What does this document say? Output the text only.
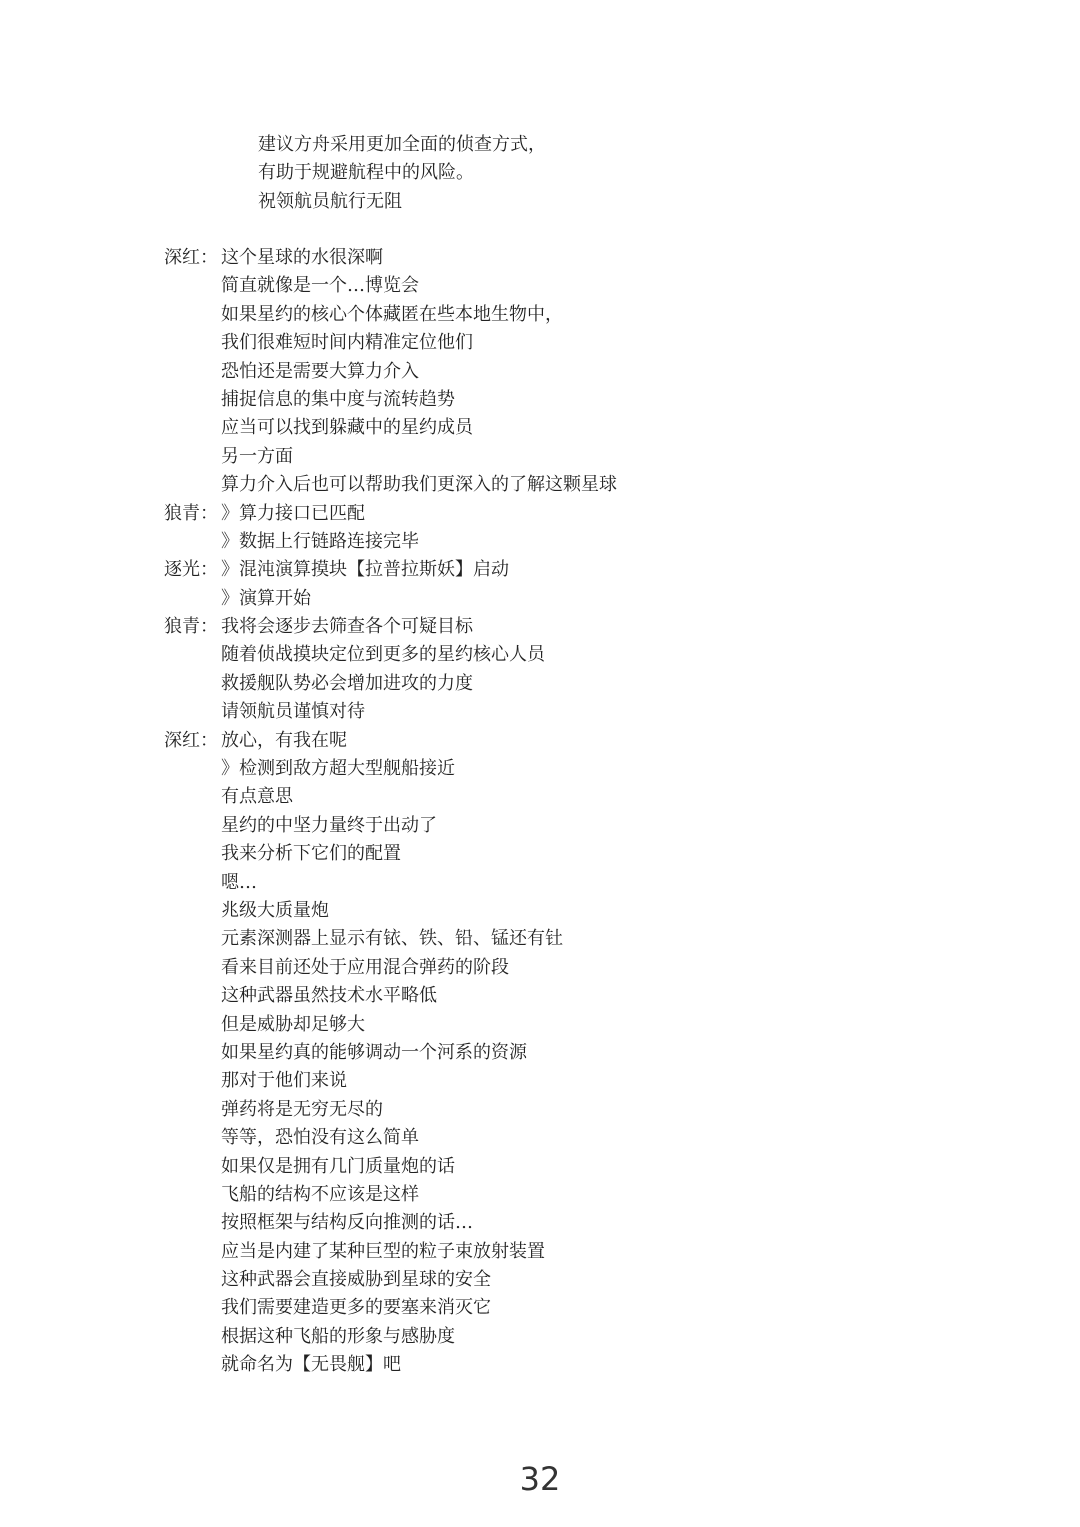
建议方舟采用更加全面的侦查方式，
有助于规避航程中的风险。
祝领航员航行无阻
深红： 这个星球的水很深啊
简直就像是一个…博览会
如果星约的核心个体藏匿在些本地生物中，
我们很难短时间内精准定位他们
恐怕还是需要大算力介入
捕捉信息的集中度与流转趋势
应当可以找到躲藏中的星约成员
另一方面
算力介入后也可以帮助我们更深入的了解这颗星球
狼青： 》算力接口已匹配
》数据上行链路连接完毕
逐光： 》混沌演算摸块【拉普拉斯妖】启动
》演算开始
狼青： 我将会逐步去筛查各个可疑目标
随着侦战摸块定位到更多的星约核心人员
救援舰队势必会增加进攻的力度
请领航员谨慎对待
深红： 放心，有我在呢
》检测到敌方超大型舰船接近
有点意思
星约的中坚力量终于出动了
我来分析下它们的配置
嗯…
兆级大质量炮
元素深测器上显示有铱、铁、铅、锰还有钍
看来目前还处于应用混合弹药的阶段
这种武器虽然技术水平略低
但是威胁却足够大
如果星约真的能够调动一个河系的资源
那对于他们来说
弹药将是无穷无尽的
等等，恐怕没有这么简单
如果仅是拥有几门质量炮的话
飞船的结构不应该是这样
按照框架与结构反向推测的话…
应当是内建了某种巨型的粒子束放射装置
这种武器会直接威胁到星球的安全
我们需要建造更多的要塞来消灭它
根据这种飞船的形象与感胁度
就命名为【无畏舰】吧
32
